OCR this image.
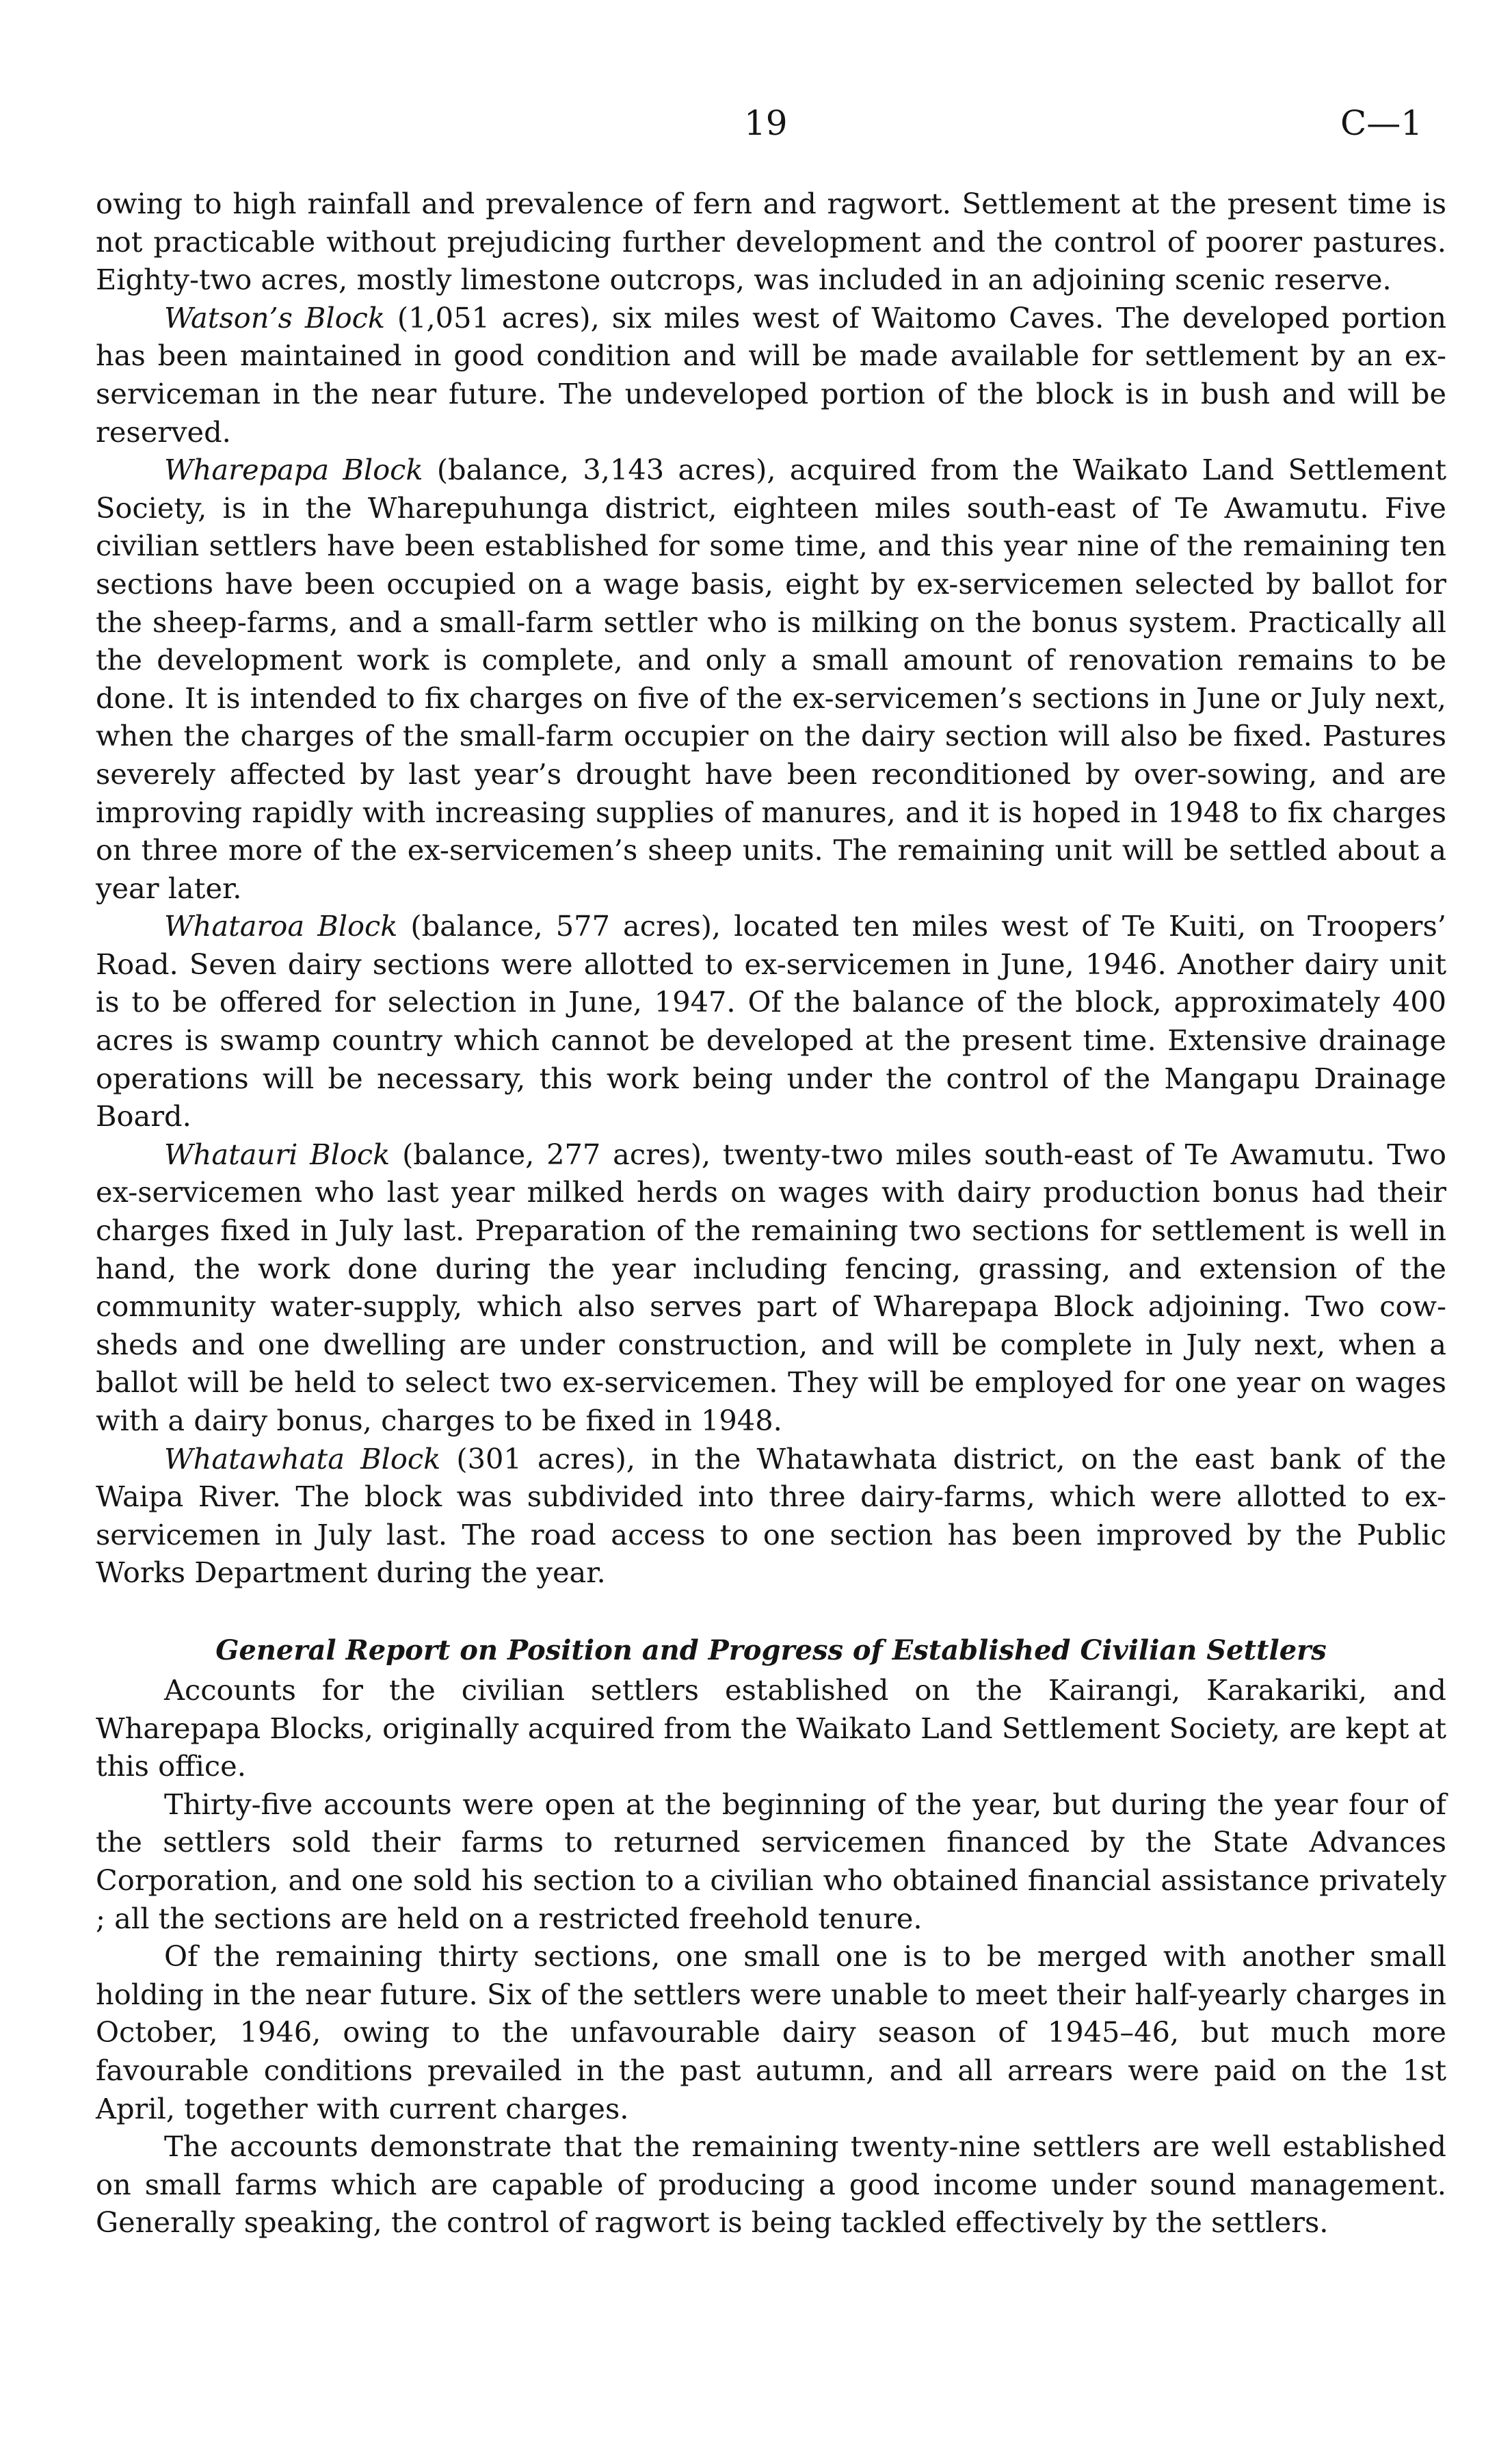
19	C—1

owing to high rainfall and prevalence of fern and ragwort. Settlement at the present time is not practicable without prejudicing further development and the control of poorer pastures. Eighty-two acres, mostly limestone outcrops, was included in an adjoining scenic reserve.

Watson’s Block (1,051 acres), six miles west of Waitomo Caves. The developed portion has been maintained in good condition and will be made available for settlement by an ex-serviceman in the near future. The undeveloped portion of the block is in bush and will be reserved.

Wharepapa Block (balance, 3,143 acres), acquired from the Waikato Land Settlement Society, is in the Wharepuhunga district, eighteen miles south-east of Te Awamutu. Five civilian settlers have been established for some time, and this year nine of the remaining ten sections have been occupied on a wage basis, eight by ex-servicemen selected by ballot for the sheep-farms, and a small-farm settler who is milking on the bonus system. Practically all the development work is complete, and only a small amount of renovation remains to be done. It is intended to fix charges on five of the ex-servicemen’s sections in June or July next, when the charges of the small-farm occupier on the dairy section will also be fixed. Pastures severely affected by last year’s drought have been reconditioned by over-sowing, and are improving rapidly with increasing supplies of manures, and it is hoped in 1948 to fix charges on three more of the ex-servicemen’s sheep units. The remaining unit will be settled about a year later.

Whataroa Block (balance, 577 acres), located ten miles west of Te Kuiti, on Troopers’ Road. Seven dairy sections were allotted to ex-servicemen in June, 1946. Another dairy unit is to be offered for selection in June, 1947. Of the balance of the block, approximately 400 acres is swamp country which cannot be developed at the present time. Extensive drainage operations will be necessary, this work being under the control of the Mangapu Drainage Board.

Whatauri Block (balance, 277 acres), twenty-two miles south-east of Te Awamutu. Two ex-servicemen who last year milked herds on wages with dairy production bonus had their charges fixed in July last. Preparation of the remaining two sections for settlement is well in hand, the work done during the year including fencing, grassing, and extension of the community water-supply, which also serves part of Wharepapa Block adjoining. Two cow-sheds and one dwelling are under construction, and will be complete in July next, when a ballot will be held to select two ex-servicemen. They will be employed for one year on wages with a dairy bonus, charges to be fixed in 1948.

Whatawhata Block (301 acres), in the Whatawhata district, on the east bank of the Waipa River. The block was subdivided into three dairy-farms, which were allotted to ex-servicemen in July last. The road access to one section has been improved by the Public Works Department during the year.

General Report on Position and Progress of Established Civilian Settlers

Accounts for the civilian settlers established on the Kairangi, Karakariki, and Wharepapa Blocks, originally acquired from the Waikato Land Settlement Society, are kept at this office.

Thirty-five accounts were open at the beginning of the year, but during the year four of the settlers sold their farms to returned servicemen financed by the State Advances Corporation, and one sold his section to a civilian who obtained financial assistance privately ; all the sections are held on a restricted freehold tenure.

Of the remaining thirty sections, one small one is to be merged with another small holding in the near future. Six of the settlers were unable to meet their half-yearly charges in October, 1946, owing to the unfavourable dairy season of 1945–46, but much more favourable conditions prevailed in the past autumn, and all arrears were paid on the 1st April, together with current charges.

The accounts demonstrate that the remaining twenty-nine settlers are well established on small farms which are capable of producing a good income under sound management. Generally speaking, the control of ragwort is being tackled effectively by the settlers.
